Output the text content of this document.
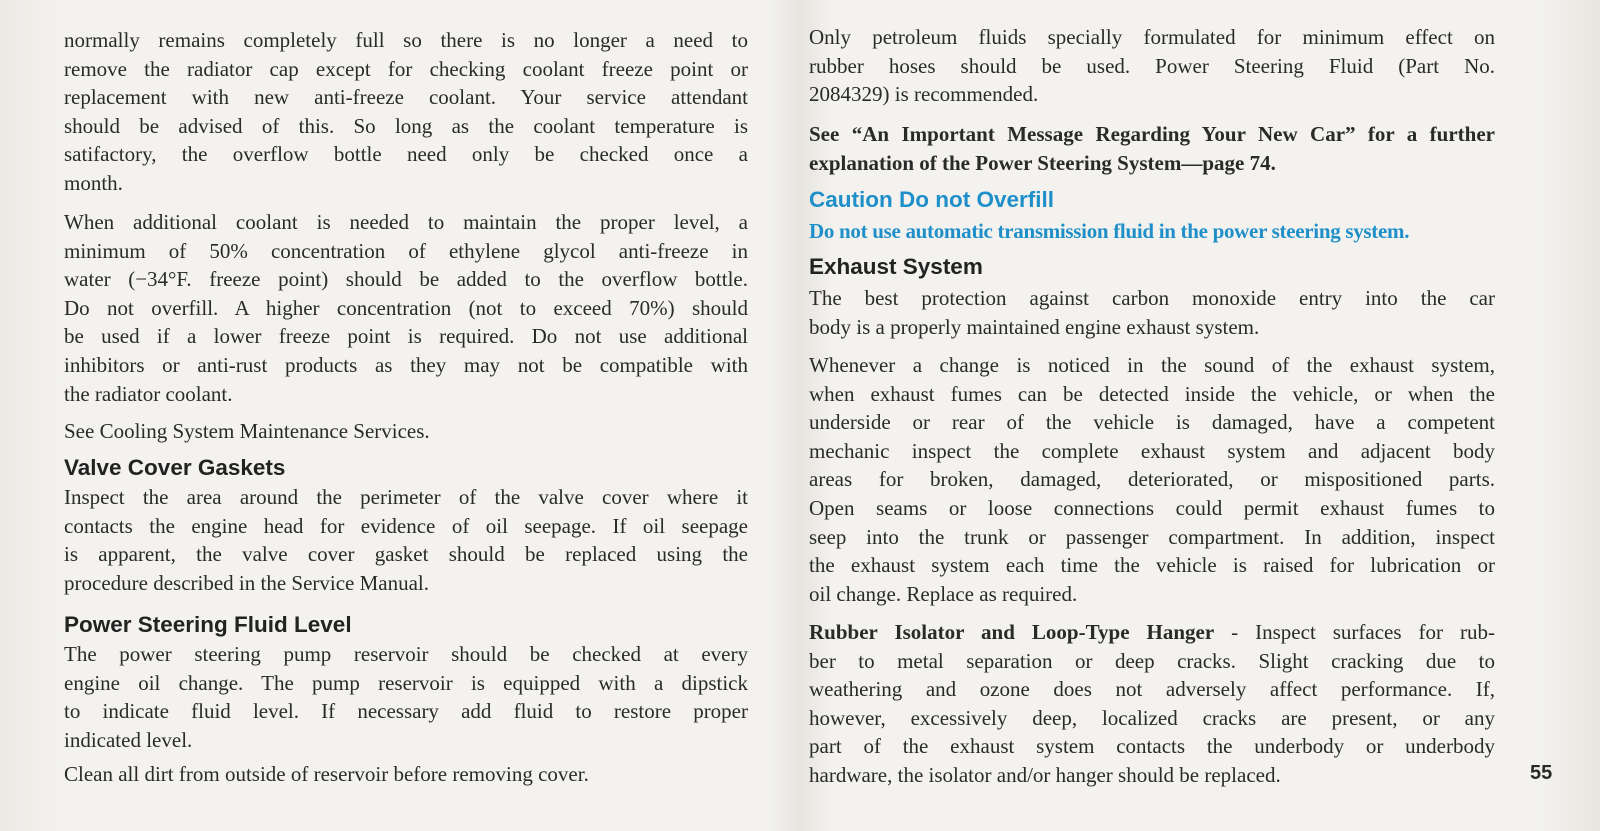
normally remains completely full so there is no longer a need to
remove the radiator cap except for checking coolant freeze point or
replacement with new anti-freeze coolant. Your service attendant
should be advised of this. So long as the coolant temperature is
satifactory, the overflow bottle need only be checked once a
month.
When additional coolant is needed to maintain the proper level, a
minimum of 50% concentration of ethylene glycol anti-freeze in
water (−34°F. freeze point) should be added to the overflow bottle.
Do not overfill. A higher concentration (not to exceed 70%) should
be used if a lower freeze point is required. Do not use additional
inhibitors or anti-rust products as they may not be compatible with
the radiator coolant.
See Cooling System Maintenance Services.
Valve Cover Gaskets
Inspect the area around the perimeter of the valve cover where it
contacts the engine head for evidence of oil seepage. If oil seepage
is apparent, the valve cover gasket should be replaced using the
procedure described in the Service Manual.
Power Steering Fluid Level
The power steering pump reservoir should be checked at every
engine oil change. The pump reservoir is equipped with a dipstick
to indicate fluid level. If necessary add fluid to restore proper
indicated level.
Clean all dirt from outside of reservoir before removing cover.
Only petroleum fluids specially formulated for minimum effect on
rubber hoses should be used. Power Steering Fluid (Part No.
2084329) is recommended.
See “An Important Message Regarding Your New Car” for a further
explanation of the Power Steering System—page 74.
Caution Do not Overfill
Do not use automatic transmission fluid in the power steering system.
Exhaust System
The best protection against carbon monoxide entry into the car
body is a properly maintained engine exhaust system.
Whenever a change is noticed in the sound of the exhaust system,
when exhaust fumes can be detected inside the vehicle, or when the
underside or rear of the vehicle is damaged, have a competent
mechanic inspect the complete exhaust system and adjacent body
areas for broken, damaged, deteriorated, or mispositioned parts.
Open seams or loose connections could permit exhaust fumes to
seep into the trunk or passenger compartment. In addition, inspect
the exhaust system each time the vehicle is raised for lubrication or
oil change. Replace as required.
Rubber Isolator and Loop-Type Hanger - Inspect surfaces for rub-
ber to metal separation or deep cracks. Slight cracking due to
weathering and ozone does not adversely affect performance. If,
however, excessively deep, localized cracks are present, or any
part of the exhaust system contacts the underbody or underbody
hardware, the isolator and/or hanger should be replaced.	55
